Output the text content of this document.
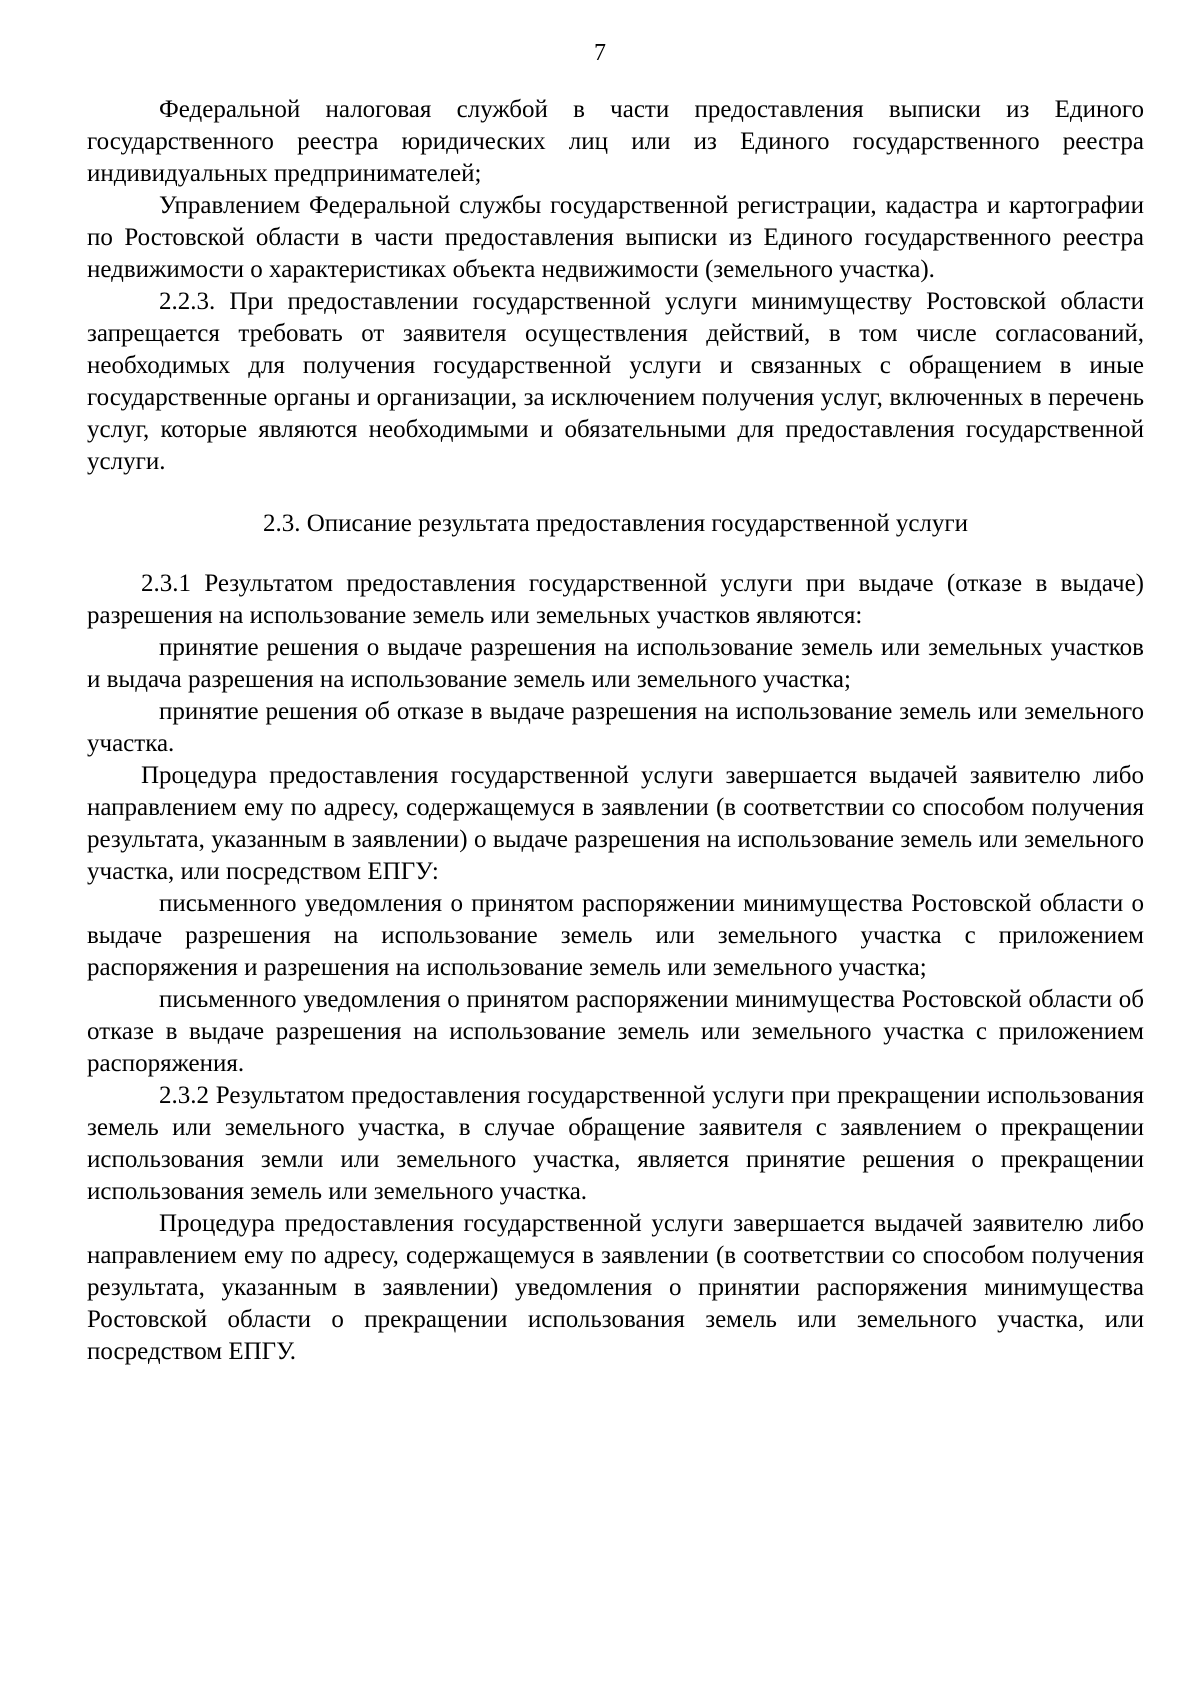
7

Федеральной налоговая службой в части предоставления выписки из Единого государственного реестра юридических лиц или из Единого государственного реестра индивидуальных предпринимателей;

Управлением Федеральной службы государственной регистрации, кадастра и картографии по Ростовской области в части предоставления выписки из Единого государственного реестра недвижимости о характеристиках объекта недвижимости (земельного участка).

2.2.3. При предоставлении государственной услуги минимуществу Ростовской области запрещается требовать от заявителя осуществления действий, в том числе согласований, необходимых для получения государственной услуги и связанных с обращением в иные государственные органы и организации, за исключением получения услуг, включенных в перечень услуг, которые являются необходимыми и обязательными для предоставления государственной услуги.

2.3. Описание результата предоставления государственной услуги

2.3.1 Результатом предоставления государственной услуги при выдаче (отказе в выдаче) разрешения на использование земель или земельных участков являются:

принятие решения о выдаче разрешения на использование земель или земельных участков и выдача разрешения на использование земель или земельного участка;

принятие решения об отказе в выдаче разрешения на использование земель или земельного участка.

Процедура предоставления государственной услуги завершается выдачей заявителю либо направлением ему по адресу, содержащемуся в заявлении (в соответствии со способом получения результата, указанным в заявлении) о выдаче разрешения на использование земель или земельного участка, или посредством ЕПГУ:

письменного уведомления о принятом распоряжении минимущества Ростовской области о выдаче разрешения на использование земель или земельного участка с приложением распоряжения и разрешения на использование земель или земельного участка;

письменного уведомления о принятом распоряжении минимущества Ростовской области об отказе в выдаче разрешения на использование земель или земельного участка с приложением распоряжения.

2.3.2 Результатом предоставления государственной услуги при прекращении использования земель или земельного участка, в случае обращение заявителя с заявлением о прекращении использования земли или земельного участка, является принятие решения о прекращении использования земель или земельного участка.

Процедура предоставления государственной услуги завершается выдачей заявителю либо направлением ему по адресу, содержащемуся в заявлении (в соответствии со способом получения результата, указанным в заявлении) уведомления о принятии распоряжения минимущества Ростовской области о прекращении использования земель или земельного участка, или посредством ЕПГУ.
